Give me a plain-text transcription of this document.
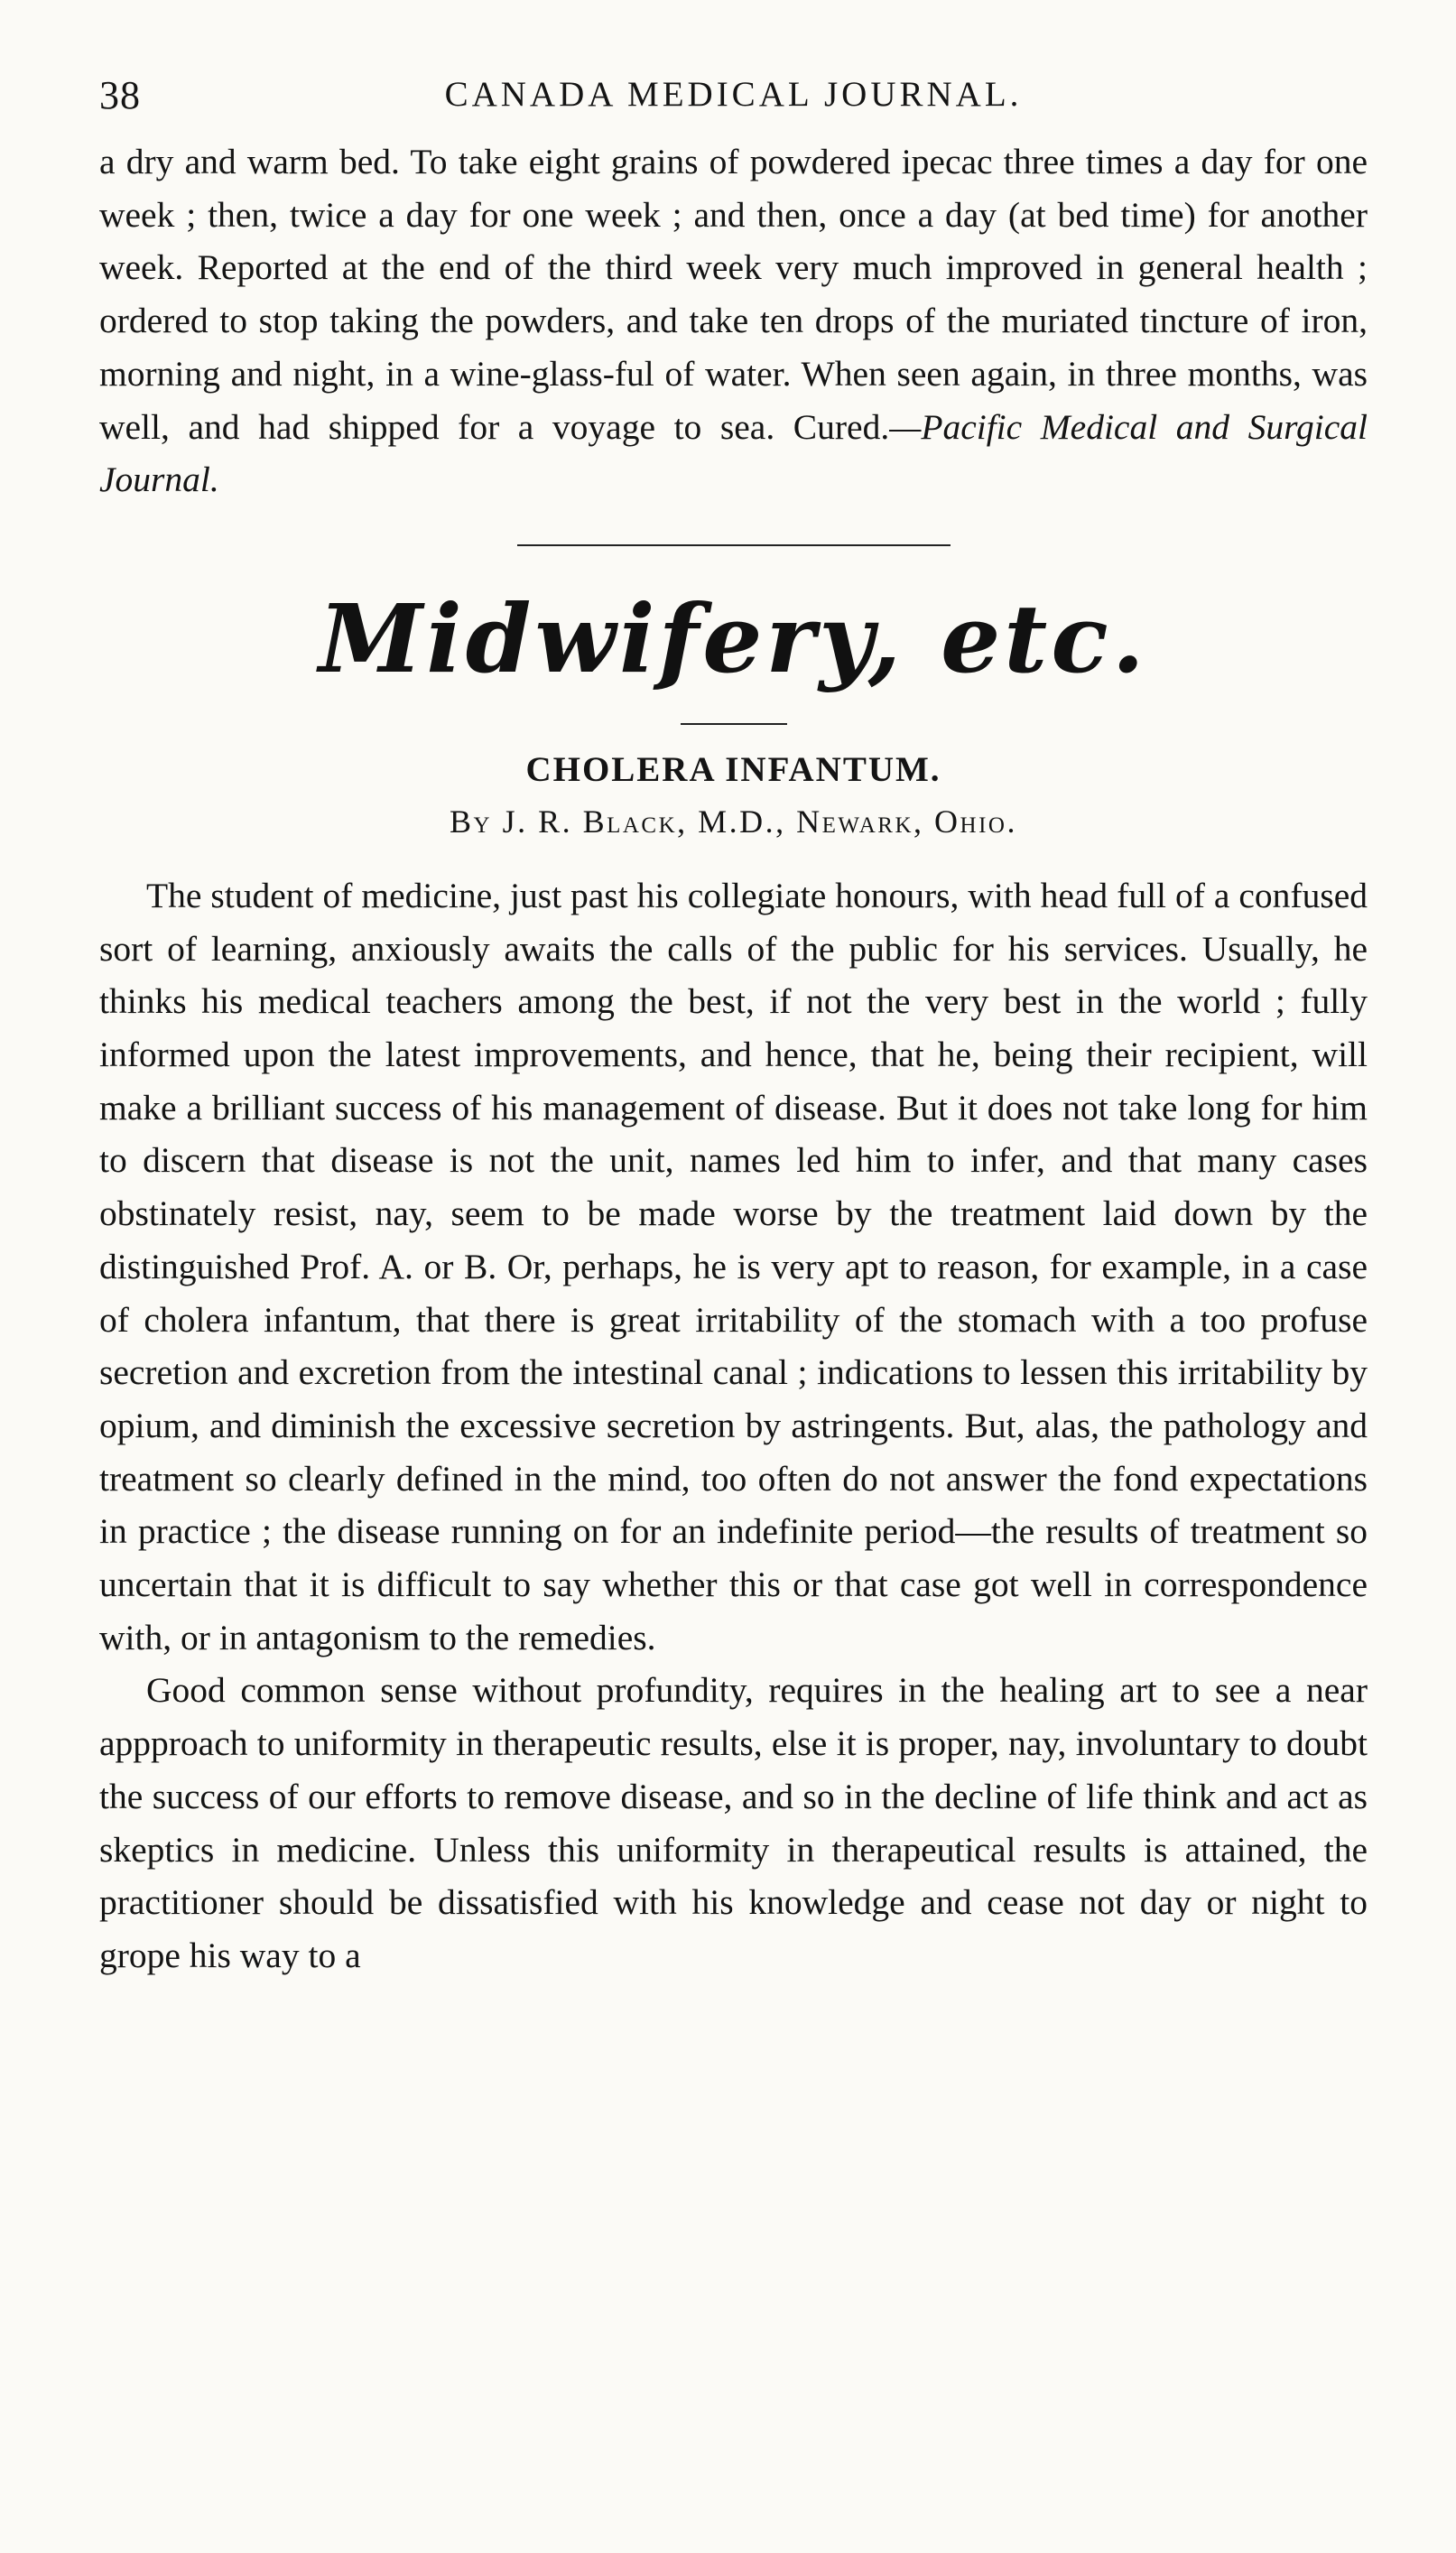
38	CANADA MEDICAL JOURNAL.

a dry and warm bed. To take eight grains of powdered ipecac three times a day for one week ; then, twice a day for one week ; and then, once a day (at bed time) for another week. Reported at the end of the third week very much improved in general health ; ordered to stop taking the powders, and take ten drops of the muriated tincture of iron, morning and night, in a wine-glass-ful of water. When seen again, in three months, was well, and had shipped for a voyage to sea. Cured.—Pacific Medical and Surgical Journal.

Midwifery, etc.
CHOLERA INFANTUM.
By J. R. Black, M.D., Newark, Ohio.

The student of medicine, just past his collegiate honours, with head full of a confused sort of learning, anxiously awaits the calls of the public for his services. Usually, he thinks his medical teachers among the best, if not the very best in the world ; fully informed upon the latest improvements, and hence, that he, being their recipient, will make a brilliant success of his management of disease. But it does not take long for him to discern that disease is not the unit, names led him to infer, and that many cases obstinately resist, nay, seem to be made worse by the treatment laid down by the distinguished Prof. A. or B. Or, perhaps, he is very apt to reason, for example, in a case of cholera infantum, that there is great irritability of the stomach with a too profuse secretion and excretion from the intestinal canal ; indications to lessen this irritability by opium, and diminish the excessive secretion by astringents. But, alas, the pathology and treatment so clearly defined in the mind, too often do not answer the fond expectations in practice ; the disease running on for an indefinite period—the results of treatment so uncertain that it is difficult to say whether this or that case got well in correspondence with, or in antagonism to the remedies.

Good common sense without profundity, requires in the healing art to see a near appproach to uniformity in therapeutic results, else it is proper, nay, involuntary to doubt the success of our efforts to remove disease, and so in the decline of life think and act as skeptics in medicine. Unless this uniformity in therapeutical results is attained, the practitioner should be dissatisfied with his knowledge and cease not day or night to grope his way to a
